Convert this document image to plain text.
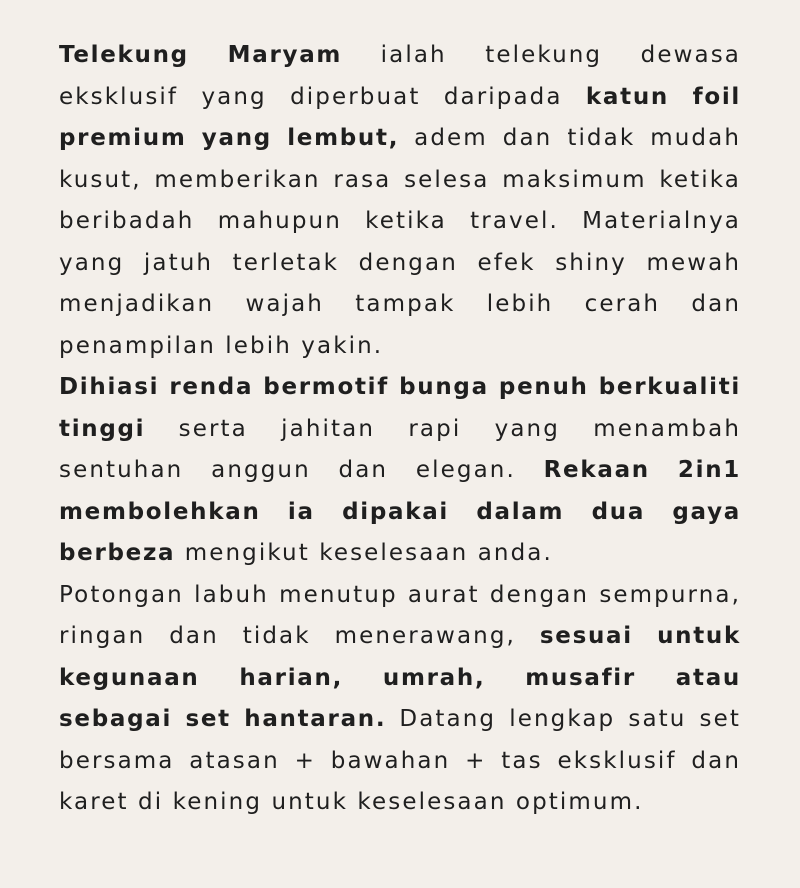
Telekung Maryam ialah telekung dewasa eksklusif yang diperbuat daripada katun foil premium yang lembut, adem dan tidak mudah kusut, memberikan rasa selesa maksimum ketika beribadah mahupun ketika travel. Materialnya yang jatuh terletak dengan efek shiny mewah menjadikan wajah tampak lebih cerah dan penampilan lebih yakin.

Dihiasi renda bermotif bunga penuh berkualiti tinggi serta jahitan rapi yang menambah sentuhan anggun dan elegan. Rekaan 2in1 membolehkan ia dipakai dalam dua gaya berbeza mengikut keselesaan anda.

Potongan labuh menutup aurat dengan sempurna, ringan dan tidak menerawang, sesuai untuk kegunaan harian, umrah, musafir atau sebagai set hantaran. Datang lengkap satu set bersama atasan + bawahan + tas eksklusif dan karet di kening untuk keselesaan optimum.
